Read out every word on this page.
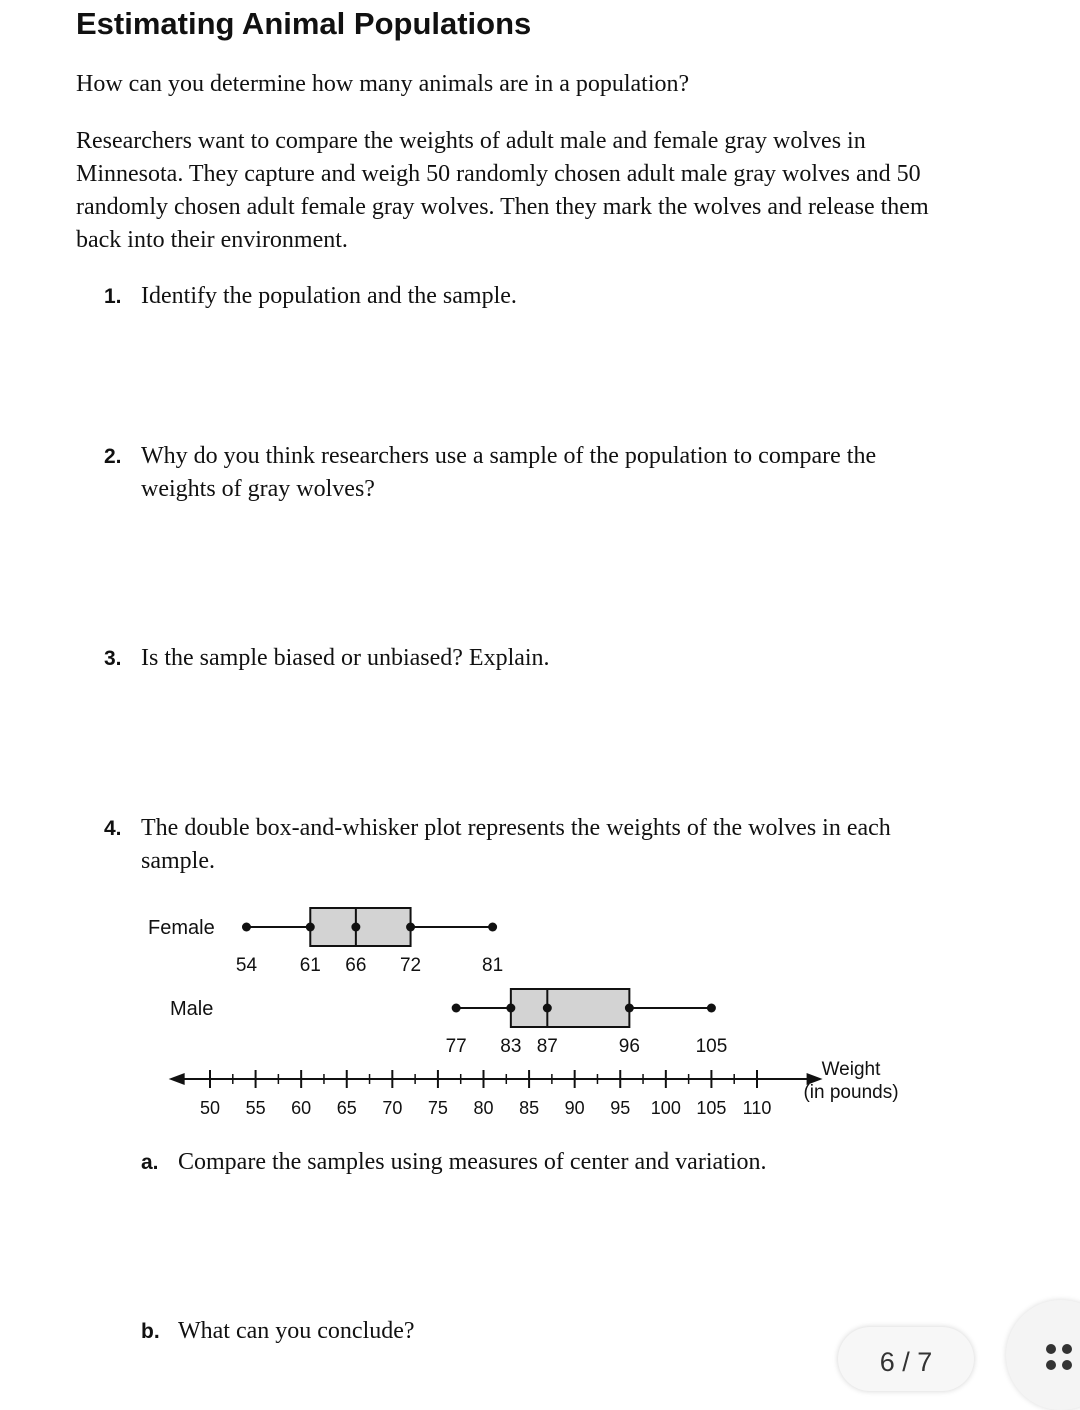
Estimating Animal Populations
How can you determine how many animals are in a population?
Researchers want to compare the weights of adult male and female gray wolves in Minnesota. They capture and weigh 50 randomly chosen adult male gray wolves and 50 randomly chosen adult female gray wolves. Then they mark the wolves and release them back into their environment.
1. Identify the population and the sample.
2. Why do you think researchers use a sample of the population to compare the weights of gray wolves?
3. Is the sample biased or unbiased? Explain.
4. The double box-and-whisker plot represents the weights of the wolves in each sample.
50 55 60 65 70 75 80 85 90 95 100 105 110
Weight
(in pounds)
Female
54 61 66 72	81
Male
77 83 87	96	105
a. Compare the samples using measures of center and variation.
b. What can you conclude?
6 / 7
